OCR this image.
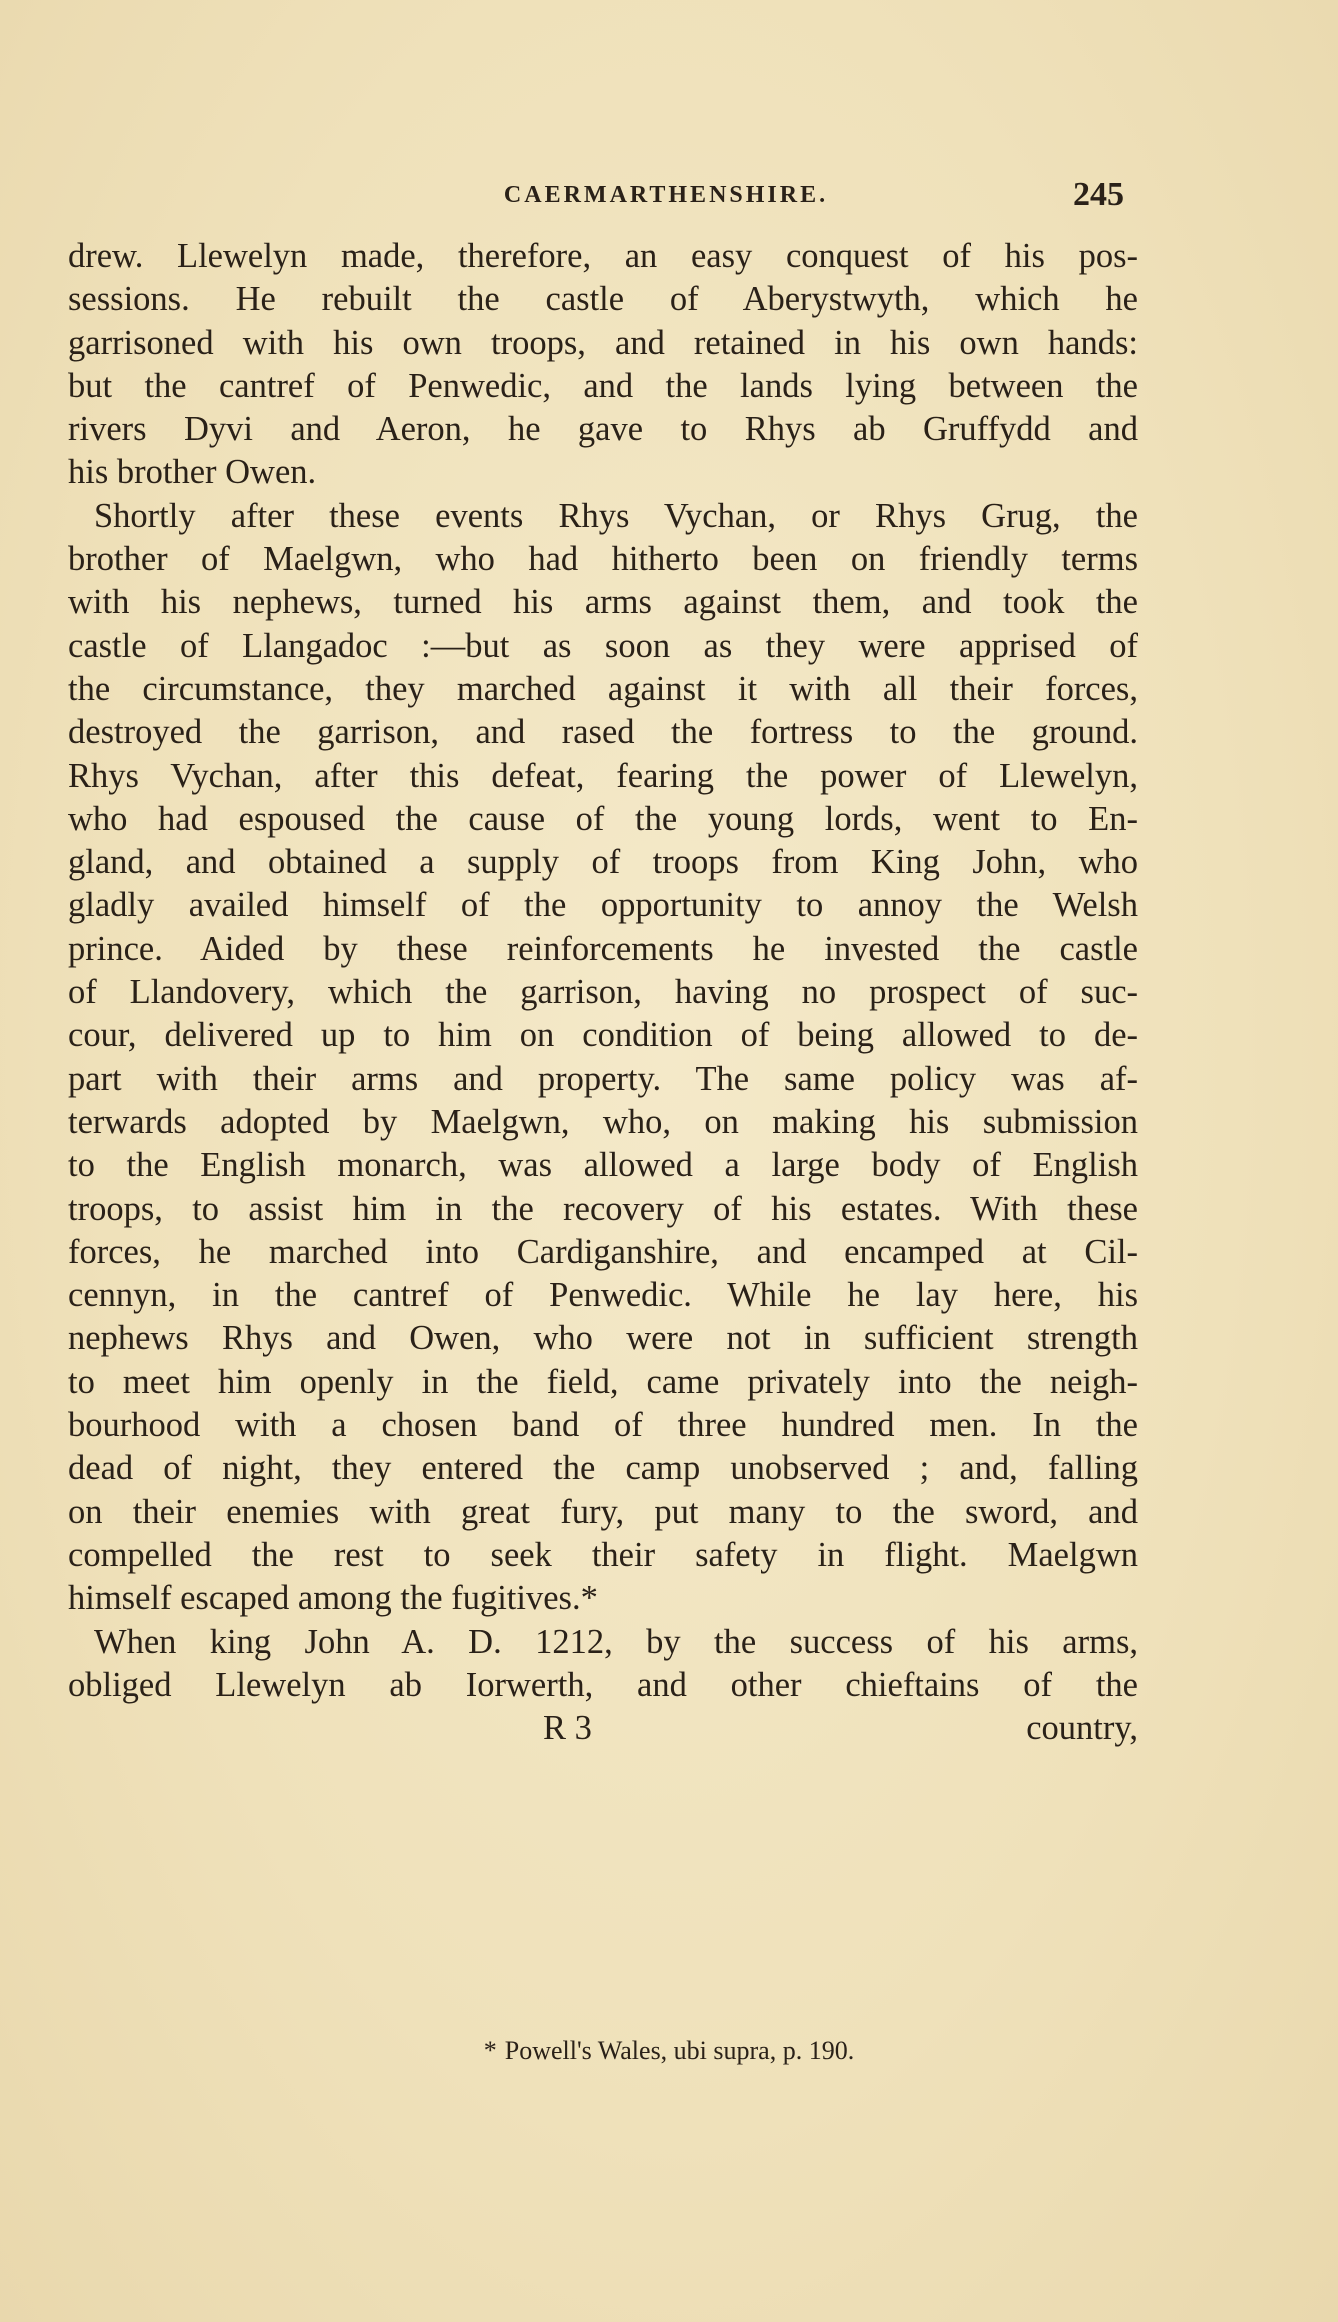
CAERMARTHENSHIRE.	245
drew. Llewelyn made, therefore, an easy conquest of his pos-
sessions. He rebuilt the castle of Aberystwyth, which he
garrisoned with his own troops, and retained in his own hands:
but the cantref of Penwedic, and the lands lying between the
rivers Dyvi and Aeron, he gave to Rhys ab Gruffydd and
his brother Owen.
Shortly after these events Rhys Vychan, or Rhys Grug, the
brother of Maelgwn, who had hitherto been on friendly terms
with his nephews, turned his arms against them, and took the
castle of Llangadoc :—but as soon as they were apprised of
the circumstance, they marched against it with all their forces,
destroyed the garrison, and rased the fortress to the ground.
Rhys Vychan, after this defeat, fearing the power of Llewelyn,
who had espoused the cause of the young lords, went to En-
gland, and obtained a supply of troops from King John, who
gladly availed himself of the opportunity to annoy the Welsh
prince. Aided by these reinforcements he invested the castle
of Llandovery, which the garrison, having no prospect of suc-
cour, delivered up to him on condition of being allowed to de-
part with their arms and property. The same policy was af-
terwards adopted by Maelgwn, who, on making his submission
to the English monarch, was allowed a large body of English
troops, to assist him in the recovery of his estates. With these
forces, he marched into Cardiganshire, and encamped at Cil-
cennyn, in the cantref of Penwedic. While he lay here, his
nephews Rhys and Owen, who were not in sufficient strength
to meet him openly in the field, came privately into the neigh-
bourhood with a chosen band of three hundred men. In the
dead of night, they entered the camp unobserved ; and, falling
on their enemies with great fury, put many to the sword, and
compelled the rest to seek their safety in flight. Maelgwn
himself escaped among the fugitives.*
When king John A. D. 1212, by the success of his arms,
obliged Llewelyn ab Iorwerth, and other chieftains of the
R 3	country,
* Powell's Wales, ubi supra, p. 190.
